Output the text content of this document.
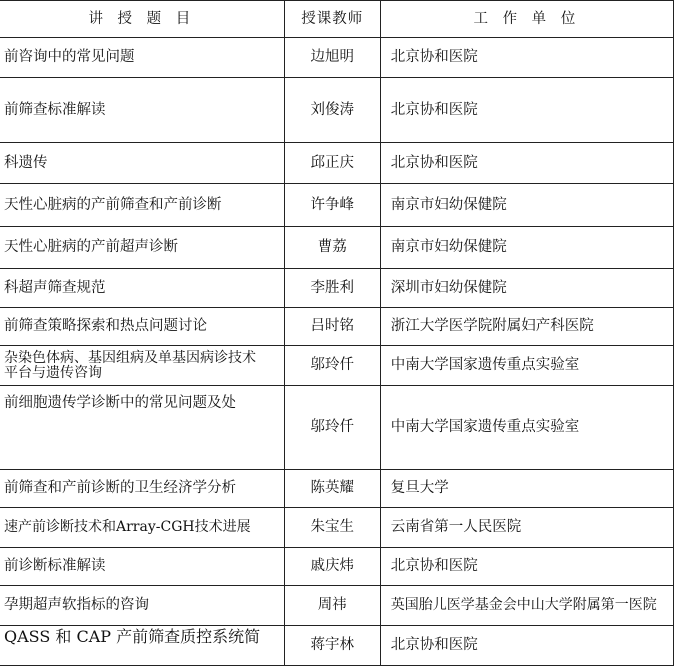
讲 授 题 目	授课教师	工 作 单 位
前咨询中的常见问题	边旭明	北京协和医院
前筛查标准解读	刘俊涛	北京协和医院
科遗传	邱正庆	北京协和医院
天性心脏病的产前筛查和产前诊断	许争峰	南京市妇幼保健院
天性心脏病的产前超声诊断	曹荔	南京市妇幼保健院
科超声筛查规范	李胜利	深圳市妇幼保健院
前筛查策略探索和热点问题讨论	吕时铭	浙江大学医学院附属妇产科医院
杂染色体病、基因组病及单基因病诊技术平台与遗传咨询	邬玲仟	中南大学国家遗传重点实验室
前细胞遗传学诊断中的常见问题及处	邬玲仟	中南大学国家遗传重点实验室
前筛查和产前诊断的卫生经济学分析	陈英耀	复旦大学
速产前诊断技术和Array-CGH技术进展	朱宝生	云南省第一人民医院
前诊断标准解读	戚庆炜	北京协和医院
孕期超声软指标的咨询	周祎	英国胎儿医学基金会中山大学附属第一医院
QASS 和 CAP 产前筛查质控系统简	蒋宇林	北京协和医院
